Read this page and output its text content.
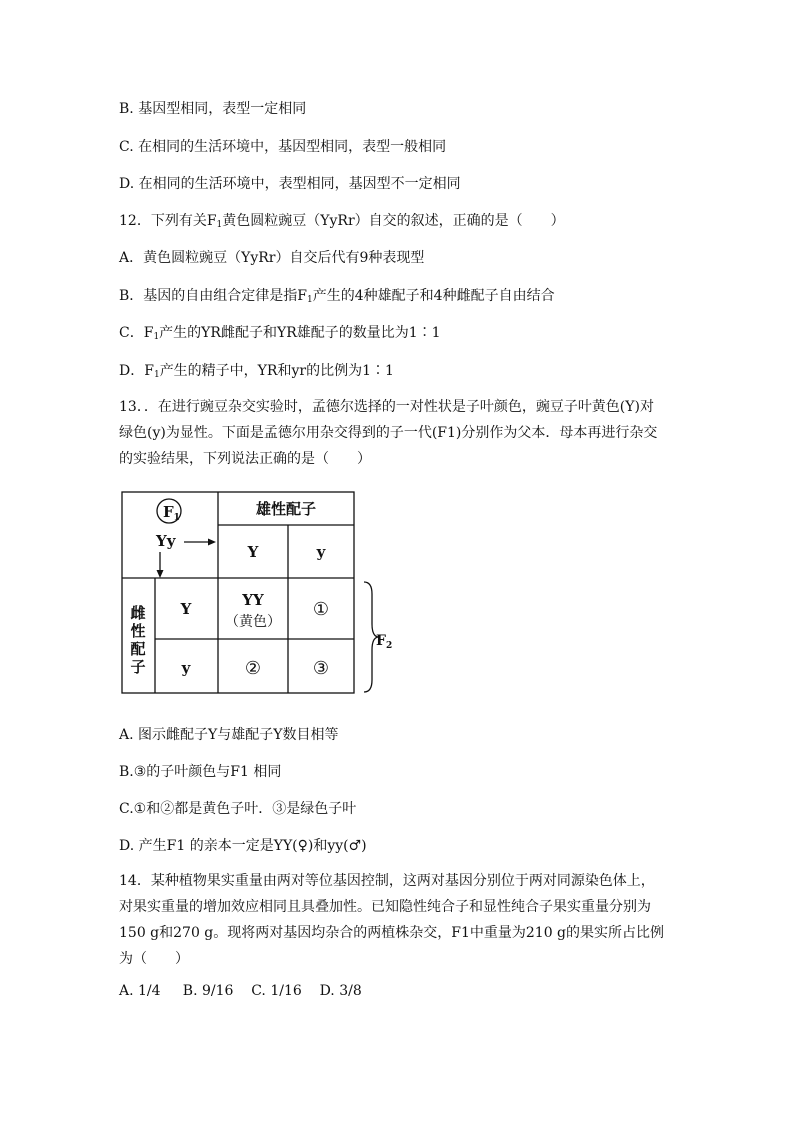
B. 基因型相同，表型一定相同
C. 在相同的生活环境中，基因型相同，表型一般相同
D. 在相同的生活环境中，表型相同，基因型不一定相同
12．下列有关$F_1$黄色圆粒豌豆（YyRr）自交的叙述，正确的是（　　）
A．黄色圆粒豌豆（YyRr）自交后代有9种表现型
B．基因的自由组合定律是指$F_1$产生的4种雄配子和4种雌配子自由结合
C．$F_1$产生的YR雌配子和YR雄配子的数量比为1∶1
D．$F_1$产生的精子中，YR和yr的比例为1∶1
13．．在进行豌豆杂交实验时，孟德尔选择的一对性状是子叶颜色，豌豆子叶黄色(Y)对
绿色(y)为显性。下面是孟德尔用杂交得到的子一代(F1)分别作为父本．母本再进行杂交
的实验结果，下列说法正确的是（　　）
$F_1$
Yy
雄性配子
Y	y
雌
性
配
子
Y
y
YY
（黄色）
①
②	③
$F_2$
A. 图示雌配子Y与雄配子Y数目相等
B.③的子叶颜色与F1 相同
C.①和②都是黄色子叶．③是绿色子叶
D. 产生F1 的亲本一定是YY(♀)和yy(♂)
14．某种植物果实重量由两对等位基因控制，这两对基因分别位于两对同源染色体上，
对果实重量的增加效应相同且具叠加性。已知隐性纯合子和显性纯合子果实重量分别为
150 g和270 g。现将两对基因均杂合的两植株杂交，F1中重量为210 g的果实所占比例
为（　　）
A. 1/4     B. 9/16    C. 1/16    D. 3/8
